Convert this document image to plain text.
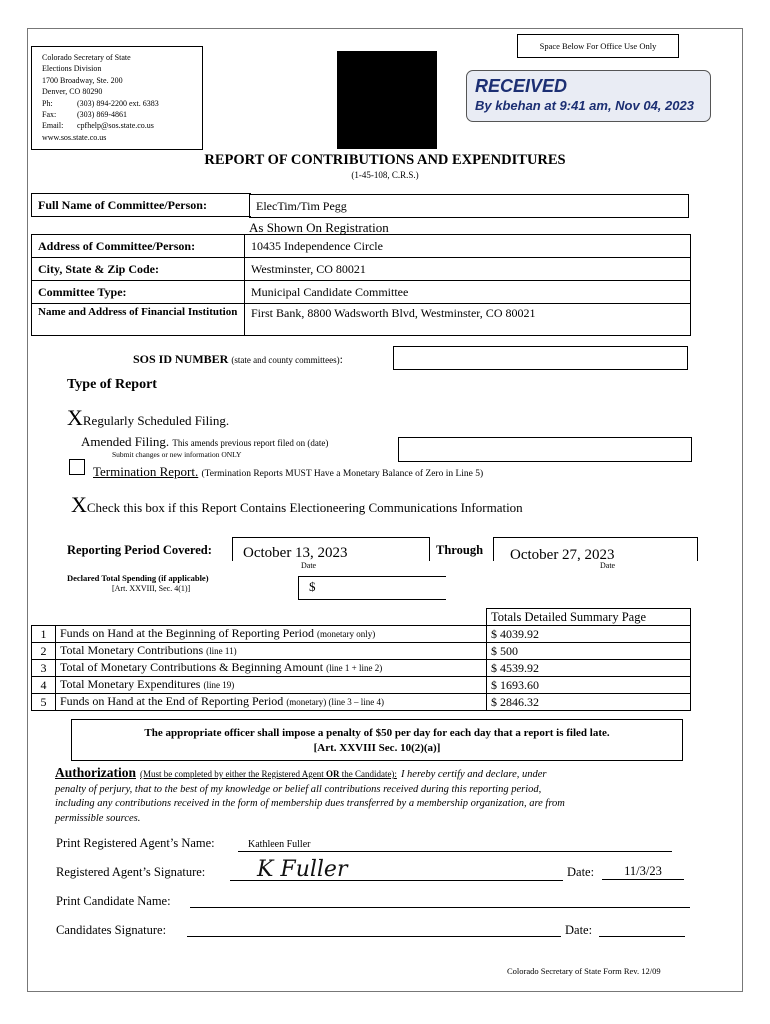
Colorado Secretary of State
Elections Division
1700 Broadway, Ste. 200
Denver, CO 80290
Ph:	(303) 894-2200 ext. 6383
Fax:	(303) 869-4861
Email:	cpfhelp@sos.state.co.us
www.sos.state.co.us
Space Below For Office Use Only
RECEIVED
By kbehan at 9:41 am, Nov 04, 2023
REPORT OF CONTRIBUTIONS AND EXPENDITURES
(1-45-108, C.R.S.)
Full Name of Committee/Person:	ElecTim/Tim Pegg
As Shown On Registration
Address of Committee/Person:	10435 Independence Circle
City, State & Zip Code:	Westminster, CO 80021
Committee Type:	Municipal Candidate Committee
Name and Address of Financial Institution	First Bank, 8800 Wadsworth Blvd, Westminster, CO 80021
SOS ID NUMBER (state and county committees):
Type of Report
XRegularly Scheduled Filing.
Amended Filing. This amends previous report filed on (date)
Submit changes or new information ONLY
Termination Report. (Termination Reports MUST Have a Monetary Balance of Zero in Line 5)
XCheck this box if this Report Contains Electioneering Communications Information
Reporting Period Covered:	October 13, 2023
Date
Through	October 27, 2023
Date
Declared Total Spending (if applicable)
[Art. XXVIII, Sec. 4(1)]	$
		Totals Detailed Summary Page
1	Funds on Hand at the Beginning of Reporting Period (monetary only)	$ 4039.92
2	Total Monetary Contributions (line 11)	$ 500
3	Total of Monetary Contributions & Beginning Amount (line 1 + line 2)	$ 4539.92
4	Total Monetary Expenditures (line 19)	$ 1693.60
5	Funds on Hand at the End of Reporting Period (monetary) (line 3 – line 4)	$ 2846.32
The appropriate officer shall impose a penalty of $50 per day for each day that a report is filed late.
[Art. XXVIII Sec. 10(2)(a)]
Authorization (Must be completed by either the Registered Agent OR the Candidate): I hereby certify and declare, under
penalty of perjury, that to the best of my knowledge or belief all contributions received during this reporting period,
including any contributions received in the form of membership dues transferred by a membership organization, are from
permissible sources.
Print Registered Agent’s Name:	Kathleen Fuller
Registered Agent’s Signature: K Fuller	Date:	11/3/23
Print Candidate Name:
Candidates Signature:	Date:
Colorado Secretary of State Form Rev. 12/09
